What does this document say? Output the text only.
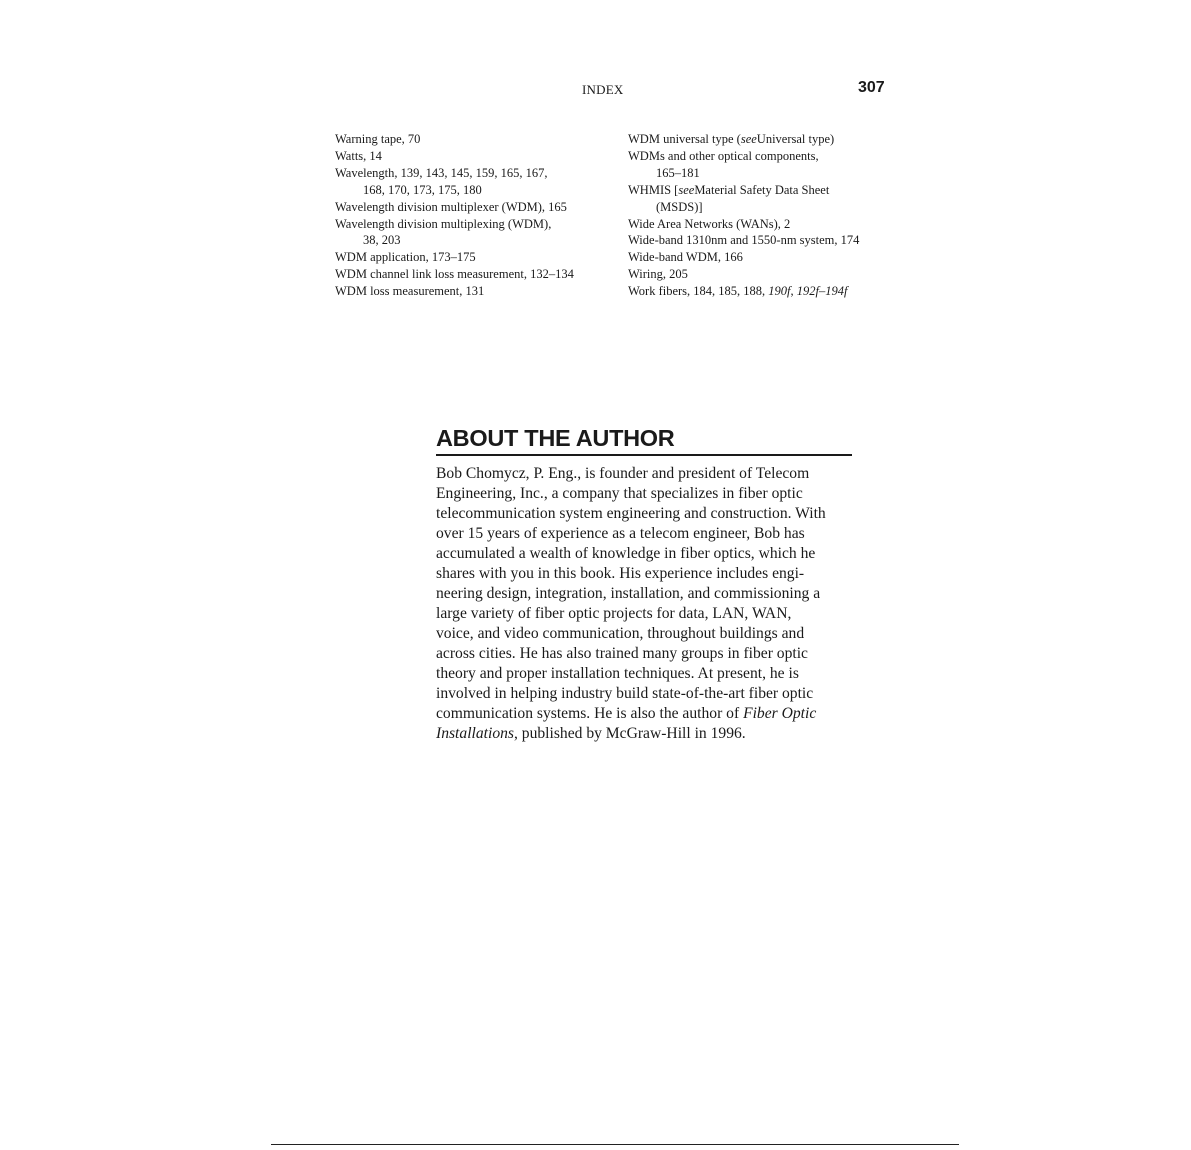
INDEX	307
Warning tape, 70
Watts, 14
Wavelength, 139, 143, 145, 159, 165, 167,
168, 170, 173, 175, 180
Wavelength division multiplexer (WDM), 165
Wavelength division multiplexing (WDM),
38, 203
WDM application, 173–175
WDM channel link loss measurement, 132–134
WDM loss measurement, 131
WDM universal type (seeUniversal type)
WDMs and other optical components,
165–181
WHMIS [seeMaterial Safety Data Sheet
(MSDS)]
Wide Area Networks (WANs), 2
Wide-band 1310nm and 1550-nm system, 174
Wide-band WDM, 166
Wiring, 205
Work fibers, 184, 185, 188, 190f, 192f–194f
ABOUT THE AUTHOR
Bob Chomycz, P. Eng., is founder and president of Telecom
Engineering, Inc., a company that specializes in fiber optic
telecommunication system engineering and construction. With
over 15 years of experience as a telecom engineer, Bob has
accumulated a wealth of knowledge in fiber optics, which he
shares with you in this book. His experience includes engi-
neering design, integration, installation, and commissioning a
large variety of fiber optic projects for data, LAN, WAN,
voice, and video communication, throughout buildings and
across cities. He has also trained many groups in fiber optic
theory and proper installation techniques. At present, he is
involved in helping industry build state-of-the-art fiber optic
communication systems. He is also the author of Fiber Optic
Installations, published by McGraw-Hill in 1996.
